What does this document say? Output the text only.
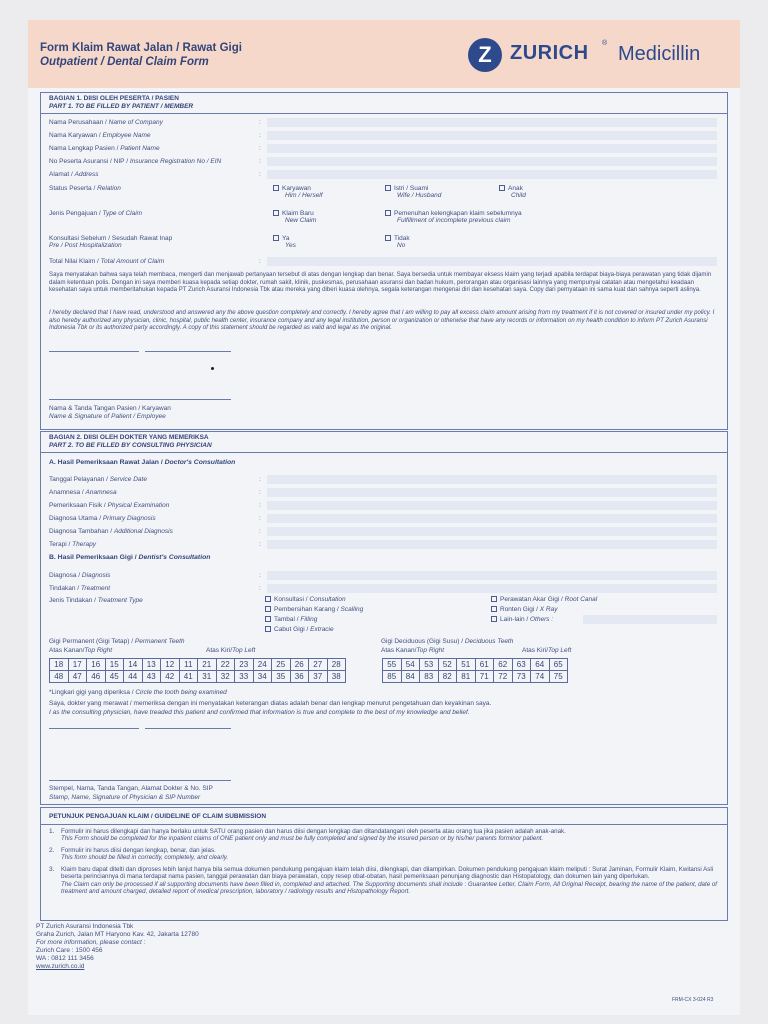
Form Klaim Rawat Jalan / Rawat Gigi
Outpatient / Dental Claim Form	Z ZURICH ® Medicillin
BAGIAN 1. DIISI OLEH PESERTA / PASIEN
PART 1. TO BE FILLED BY PATIENT / MEMBER
Nama Perusahaan / Name of Company	:
Nama Karyawan / Employee Name	:
Nama Lengkap Pasien / Patient Name	:
No Peserta Asuransi / NIP / Insurance Registration No / EIN	:
Alamat / Address	:
Status Peserta / Relation	Karyawan
Him / Herself
Istri / Suami
Wife / Husband
Anak
Child
Jenis Pengajuan / Type of Claim	Klaim Baru
New Claim
Pemenuhan kelengkapan klaim sebelumnya
Fulfillment of incomplete previous claim
Konsultasi Sebelum / Sesudah Rawat Inap
Pre / Post Hospitalization
Ya
Yes
Tidak
No
Total Nilai Klaim / Total Amount of Claim	:
Saya menyatakan bahwa saya telah membaca, mengerti dan menjawab pertanyaan tersebut di atas dengan lengkap dan benar. Saya bersedia untuk membayar eksess klaim yang terjadi apabila terdapat biaya-biaya perawatan yang tidak dijamin dalam ketentuan polis. Dengan ini saya memberi kuasa kepada setiap dokter, rumah sakit, klinik, puskesmas, perusahaan asuransi dan badan hukum, perorangan atau organisasi lainnya yang mempunyai catatan atau mengetahui keadaan kesehatan saya untuk memberitahukan kepada PT Zurich Asuransi Indonesia Tbk atau mereka yang diberi kuasa olehnya, segala keterangan mengenai diri dan kesehatan saya. Copy dari pernyataan ini sama kuat dan sahnya seperti aslinya.
I hereby declared that I have read, understood and answered any the above question completely and correctly. I hereby agree that I am willing to pay all excess claim amount arising from my treatment if it is not covered or insured under my policy. I also hereby authorized any physician, clinic, hospital, public health center, insurance company and any legal institution, person or organization or otherwise that have any records or information on my health condition to inform PT Zurich Asuransi Indonesia Tbk or its authorized party accordingly. A copy of this statement should be regarded as valid and legal as the original.
Nama & Tanda Tangan Pasien / Karyawan
Name & Signature of Patient / Employee
BAGIAN 2. DIISI OLEH DOKTER YANG MEMERIKSA
PART 2. TO BE FILLED BY CONSULTING PHYSICIAN
A. Hasil Pemeriksaan Rawat Jalan / Doctor's Consultation
Tanggal Pelayanan / Service Date	:
Anamnesa / Anamnesa	:
Pemeriksaan Fisik / Physical Examination	:
Diagnosa Utama / Primary Diagnosis	:
Diagnosa Tambahan / Additional Diagnosis	:
Terapi / Therapy	:
B. Hasil Pemeriksaan Gigi / Dentist's Consultation
Diagnosa / Diagnosis	:
Tindakan / Treatment	:
Jenis Tindakan / Treatment Type	Konsultasi / Consultation
Pembersihan Karang / Scalling
Tambal / Filling
Cabut Gigi / Extracie
Perawatan Akar Gigi / Root Canal
Ronten Gigi / X Ray
Lain-lain / Others :
Gigi Permanent (Gigi Tetap) / Permanent Teeth
Atas Kanan/Top Right	Atas Kiri/Top Left
18	17	16	15	14	13	12	11	21	22	23	24	25	26	27	28
48	47	46	45	44	43	42	41	31	32	33	34	35	36	37	38
Gigi Deciduous (Gigi Susu) / Deciduous Teeth
Atas Kanan/Top Right	Atas Kiri/Top Left
55	54	53	52	51	61	62	63	64	65
85	84	83	82	81	71	72	73	74	75
*Lingkari gigi yang diperiksa / Circle the tooth being examined
Saya, dokter yang merawat / memeriksa dengan ini menyatakan keterangan diatas adalah benar dan lengkap menurut pengetahuan dan keyakinan saya.
I as the consulting physician, have treaded this patient and confirmed that information is true and complete to the best of my knowledge and belief.
Stempel, Nama, Tanda Tangan, Alamat Dokter & No. SIP
Stamp, Name, Signature of Physician & SIP Number
PETUNJUK PENGAJUAN KLAIM / GUIDELINE OF CLAIM SUBMISSION
1. Formulir ini harus dilengkapi dan hanya berlaku untuk SATU orang pasien dan harus diisi dengan lengkap dan ditandatangani oleh peserta atau orang tua jika pasien adalah anak-anak.
This Form should be completed for the inpatient claims of ONE patient only and must be fully completed and signed by the insured person or by his/her parents forminor patient.
2. Formulir ini harus diisi dengan lengkap, benar, dan jelas.
This form should be filled in correctly, completely, and clearly.
3. Klaim baru dapat ditelti dan diproses lebih lanjut hanya bila semua dokumen pendukung pengajuan klaim telah diisi, dilengkapi, dan dilampirkan. Dokumen pendukung pengajuan klaim meliputi : Surat Jaminan, Formulir Klaim, Kwitansi Asli beserta perinciannya di mana terdapat nama pasien, tanggal perawatan dan biaya perawatan, copy resep obat-obatan, hasil pemeriksaan penunjang diagnostic dan Histopatology, dan dokumen lain yang diperlukan.
The Claim can only be processed if all supporting documents have been filled in, completed and attached. The Supporting documents shall include : Guarantee Letter, Claim Form, All Original Receipt, bearing the name of the patient, date of treatment and amount charged, detailed report of medical prescription, laboratory / radiology results and Histopathology Report.
PT Zurich Asuransi Indonesia Tbk
Graha Zurich, Jalan MT Haryono Kav. 42, Jakarta 12780
For more information, please contact :
Zurich Care : 1500 456
WA : 0812 111 3456
www.zurich.co.id
FRM-CX 3-024 R3
